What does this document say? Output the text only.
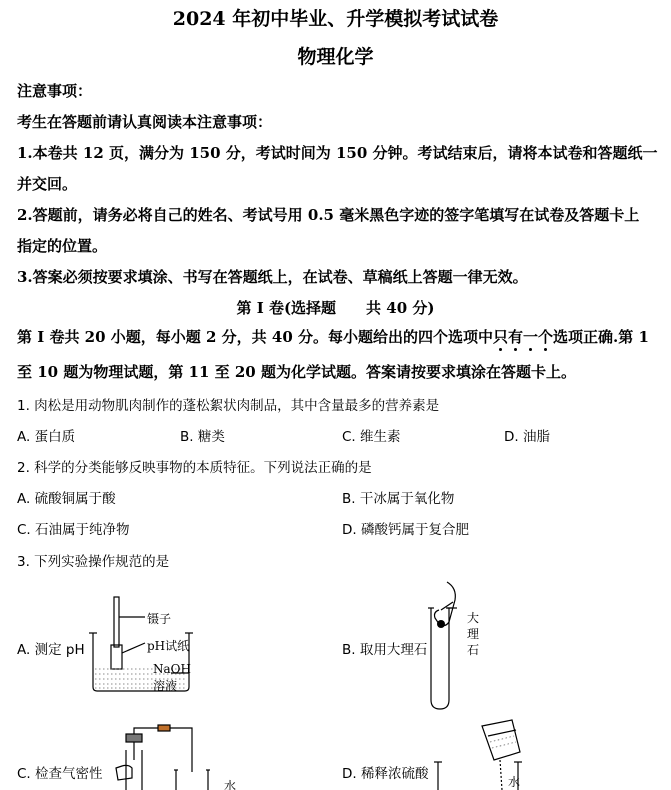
2024 年初中毕业、升学模拟考试试卷
物理化学
注意事项：
考生在答题前请认真阅读本注意事项：
1.本卷共 12 页，满分为 150 分，考试时间为 150 分钟。考试结束后，请将本试卷和答题纸一
并交回。
2.答题前，请务必将自己的姓名、考试号用 0.5 毫米黑色字迹的签字笔填写在试卷及答题卡上
指定的位置。
3.答案必须按要求填涂、书写在答题纸上，在试卷、草稿纸上答题一律无效。
第 I 卷(选择题　　共 40 分)
第 I 卷共 20 小题，每小题 2 分，共 40 分。每小题给出的四个选项中只有一个选项正确.第 1
至 10 题为物理试题，第 11 至 20 题为化学试题。答案请按要求填涂在答题卡上。
1. 肉松是用动物肌肉制作的蓬松絮状肉制品，其中含量最多的营养素是
A. 蛋白质	B. 糖类	C. 维生素	D. 油脂
2. 科学的分类能够反映事物的本质特征。下列说法正确的是
A. 硫酸铜属于酸	B. 干冰属于氧化物
C. 石油属于纯净物	D. 磷酸钙属于复合肥
3. 下列实验操作规范的是
A. 测定 pH	B. 取用大理石
C. 检查气密性	D. 稀释浓硫酸
镊子
pH试纸
NaOH
溶液
大
理
石
水	水
